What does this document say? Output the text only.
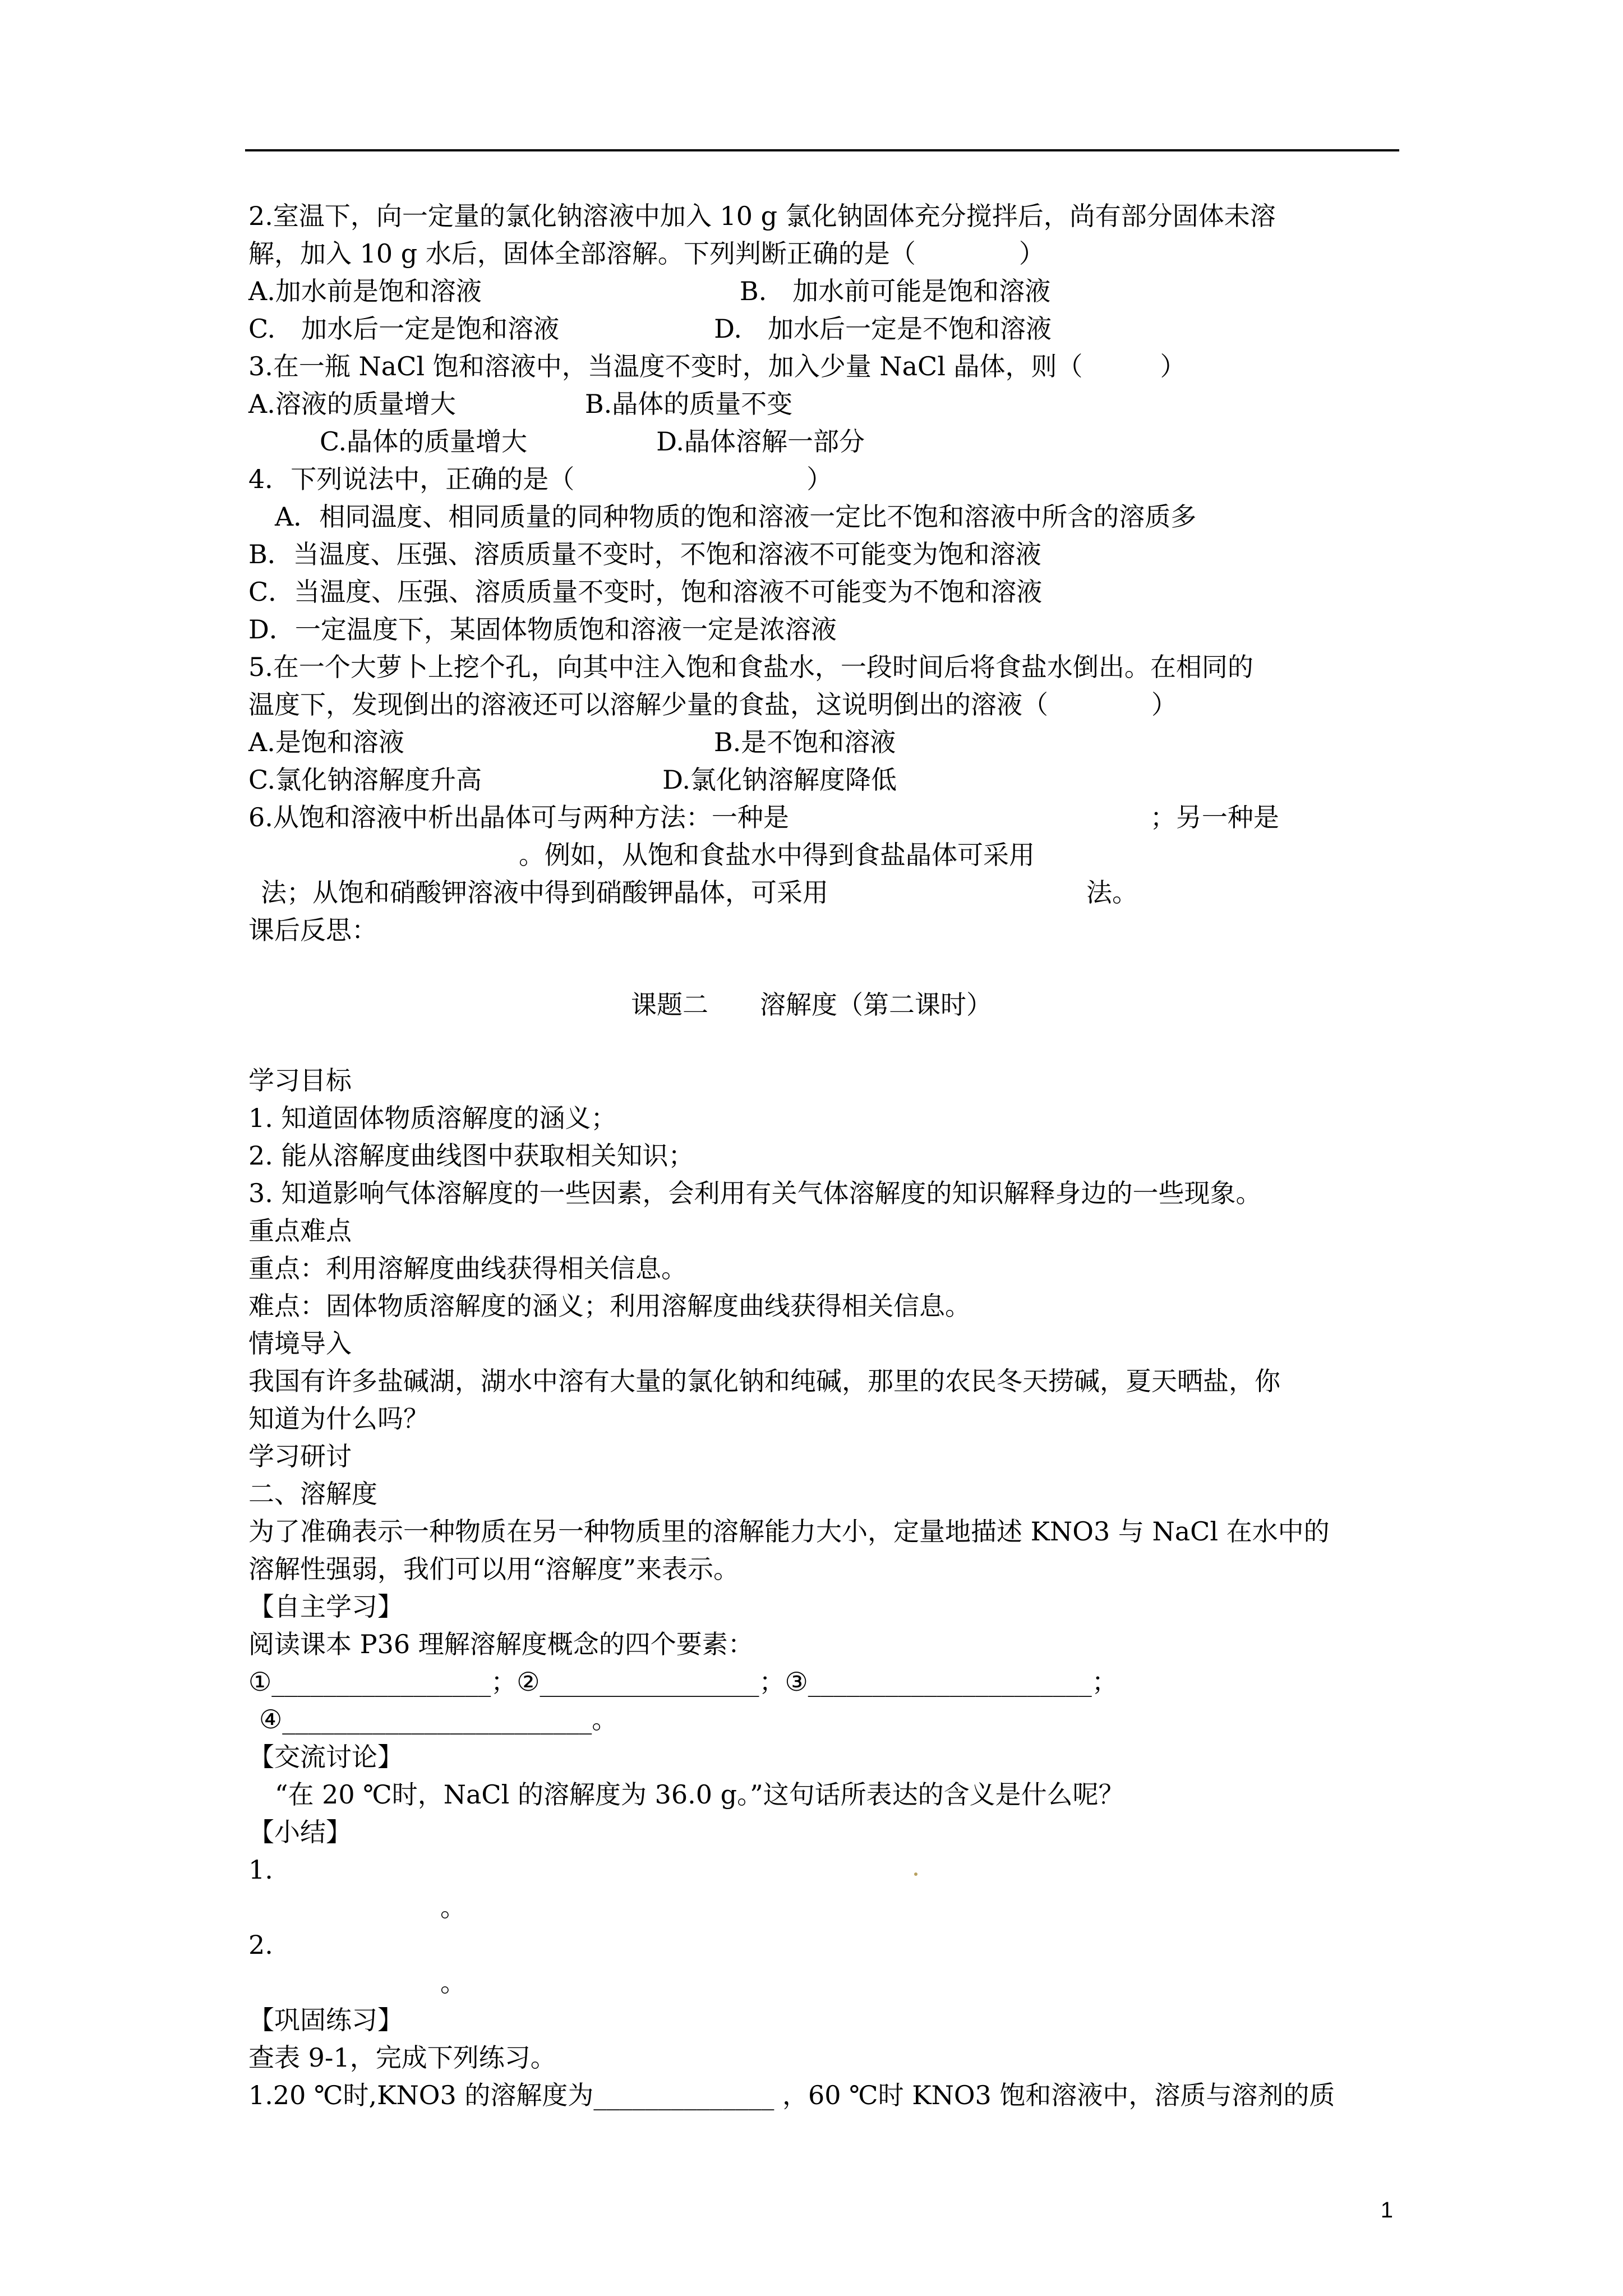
2.室温下，向一定量的氯化钠溶液中加入 10 g 氯化钠固体充分搅拌后，尚有部分固体未溶
解，加入 10 g 水后，固体全部溶解。下列判断正确的是（　　　　）
A.加水前是饱和溶液　　　　　　　　　　B.　加水前可能是饱和溶液
C.　加水后一定是饱和溶液　　　　　　D.　加水后一定是不饱和溶液
3.在一瓶 NaCl 饱和溶液中，当温度不变时，加入少量 NaCl 晶体，则（　　　）
A.溶液的质量增大　　　　　B.晶体的质量不变
C.晶体的质量增大　　　　　D.晶体溶解一部分
4．下列说法中，正确的是（　　　　　　　　　）
A．相同温度、相同质量的同种物质的饱和溶液一定比不饱和溶液中所含的溶质多
B．当温度、压强、溶质质量不变时，不饱和溶液不可能变为饱和溶液
C．当温度、压强、溶质质量不变时，饱和溶液不可能变为不饱和溶液
D．一定温度下，某固体物质饱和溶液一定是浓溶液
5.在一个大萝卜上挖个孔，向其中注入饱和食盐水，一段时间后将食盐水倒出。在相同的
温度下，发现倒出的溶液还可以溶解少量的食盐，这说明倒出的溶液（　　　　）
A.是饱和溶液　　　　　　　　　　　　B.是不饱和溶液
C.氯化钠溶解度升高　　　　　　　D.氯化钠溶解度降低
6.从饱和溶液中析出晶体可与两种方法：一种是　　　　　　　　　　　　　　；另一种是
。例如，从饱和食盐水中得到食盐晶体可采用
法；从饱和硝酸钾溶液中得到硝酸钾晶体，可采用　　　　　　　　　　法。
课后反思：
课题二　　溶解度（第二课时）
学习目标
1. 知道固体物质溶解度的涵义；
2. 能从溶解度曲线图中获取相关知识；
3. 知道影响气体溶解度的一些因素，会利用有关气体溶解度的知识解释身边的一些现象。
重点难点
重点：利用溶解度曲线获得相关信息。
难点：固体物质溶解度的涵义；利用溶解度曲线获得相关信息。
情境导入
我国有许多盐碱湖，湖水中溶有大量的氯化钠和纯碱，那里的农民冬天捞碱，夏天晒盐，你
知道为什么吗？
学习研讨
二、溶解度
为了准确表示一种物质在另一种物质里的溶解能力大小，定量地描述 KNO3 与 NaCl 在水中的
溶解性强弱，我们可以用“溶解度”来表示。
【自主学习】
阅读课本 P36 理解溶解度概念的四个要素：
①_________________；②_________________；③______________________；
④________________________。
【交流讨论】
“在 20 ℃时，NaCl 的溶解度为 36.0 g。”这句话所表达的含义是什么呢？
【小结】
1.
。
2.
。
【巩固练习】
查表 9-1，完成下列练习。
1.20 ℃时,KNO3 的溶解度为______________ ，60 ℃时 KNO3 饱和溶液中，溶质与溶剂的质
1
